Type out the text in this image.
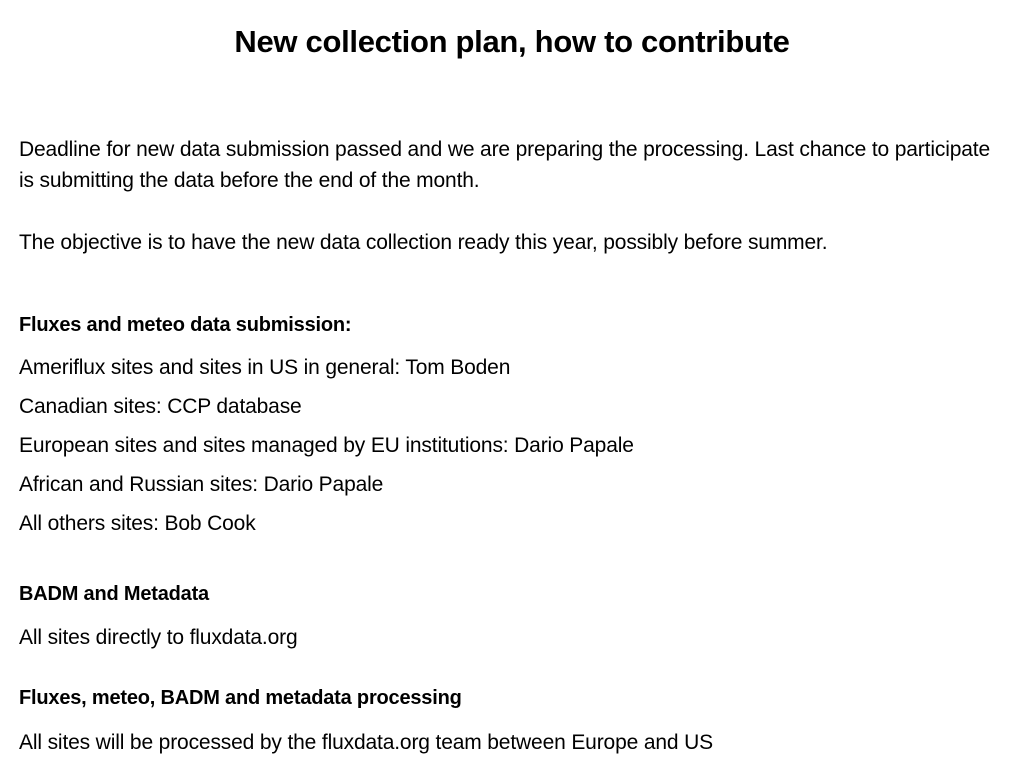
New collection plan, how to contribute
Deadline for new data submission passed and we are preparing the processing. Last chance to participate is submitting the data before the end of the month.
The objective is to have the new data collection ready this year, possibly before summer.
Fluxes and meteo data submission:
Ameriflux sites and sites in US in general: Tom Boden
Canadian sites: CCP database
European sites and sites managed by EU institutions: Dario Papale
African and Russian sites: Dario Papale
All others sites: Bob Cook
BADM and Metadata
All sites directly to fluxdata.org
Fluxes, meteo, BADM and metadata processing
All sites will be processed by the fluxdata.org team between Europe and US
